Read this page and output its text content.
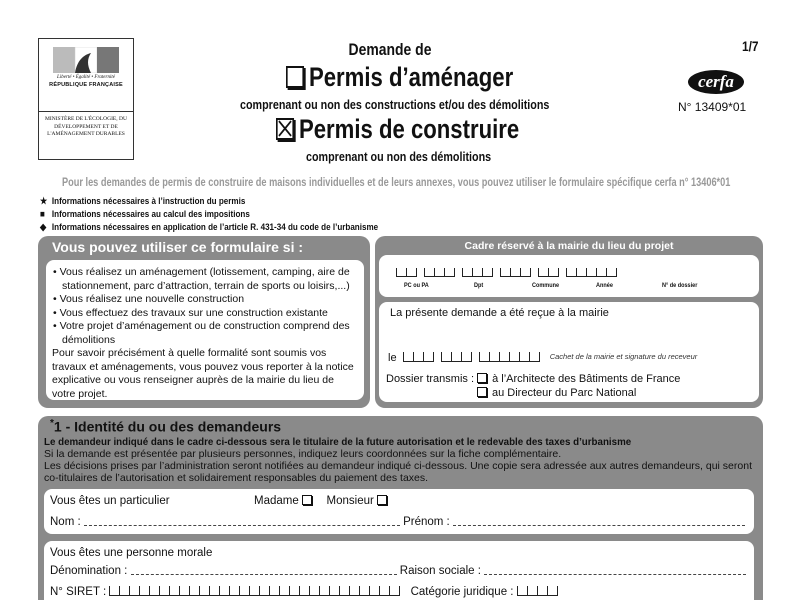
Liberté • Égalité • Fraternité
RÉPUBLIQUE FRANÇAISE
MINISTÈRE DE L'ÉCOLOGIE, DU DÉVELOPPEMENT ET DE L'AMÉNAGEMENT DURABLES
Demande de
Permis d’aménager
comprenant ou non des constructions et/ou des démolitions
Permis de construire
comprenant ou non des démolitions
1/7
cerfa
N° 13409*01
Pour les demandes de permis de construire de maisons individuelles et de leurs annexes, vous pouvez utiliser le formulaire spécifique cerfa n° 13406*01
★ Informations nécessaires à l’instruction du permis
■ Informations nécessaires au calcul des impositions
◆ Informations nécessaires en application de l’article R. 431-34 du code de l’urbanisme
Vous pouvez utiliser ce formulaire si :
• Vous réalisez un aménagement (lotissement, camping, aire de stationnement, parc d’attraction, terrain de sports ou loisirs,...)
• Vous réalisez une nouvelle construction
• Vous effectuez des travaux sur une construction existante
• Votre projet d’aménagement ou de construction comprend des démolitions
Pour savoir précisément à quelle formalité sont soumis vos travaux et aménagements, vous pouvez vous reporter à la notice explicative ou vous renseigner auprès de la mairie du lieu de votre projet.
Cadre réservé à la mairie du lieu du projet
PC ou PA	Dpt	Commune	Année	N° de dossier
La présente demande a été reçue à la mairie
le	Cachet de la mairie et signature du receveur
Dossier transmis : à l’Architecte des Bâtiments de France
au Directeur du Parc National
*1 - Identité du ou des demandeurs
Le demandeur indiqué dans le cadre ci-dessous sera le titulaire de la future autorisation et le redevable des taxes d’urbanisme
Si la demande est présentée par plusieurs personnes, indiquez leurs coordonnées sur la fiche complémentaire.
Les décisions prises par l’administration seront notifiées au demandeur indiqué ci-dessous. Une copie sera adressée aux autres demandeurs, qui seront co-titulaires de l’autorisation et solidairement responsables du paiement des taxes.
Vous êtes un particulier	Madame Monsieur
Nom :	Prénom :
Vous êtes une personne morale
Dénomination :	Raison sociale :
N° SIRET :	Catégorie juridique :
